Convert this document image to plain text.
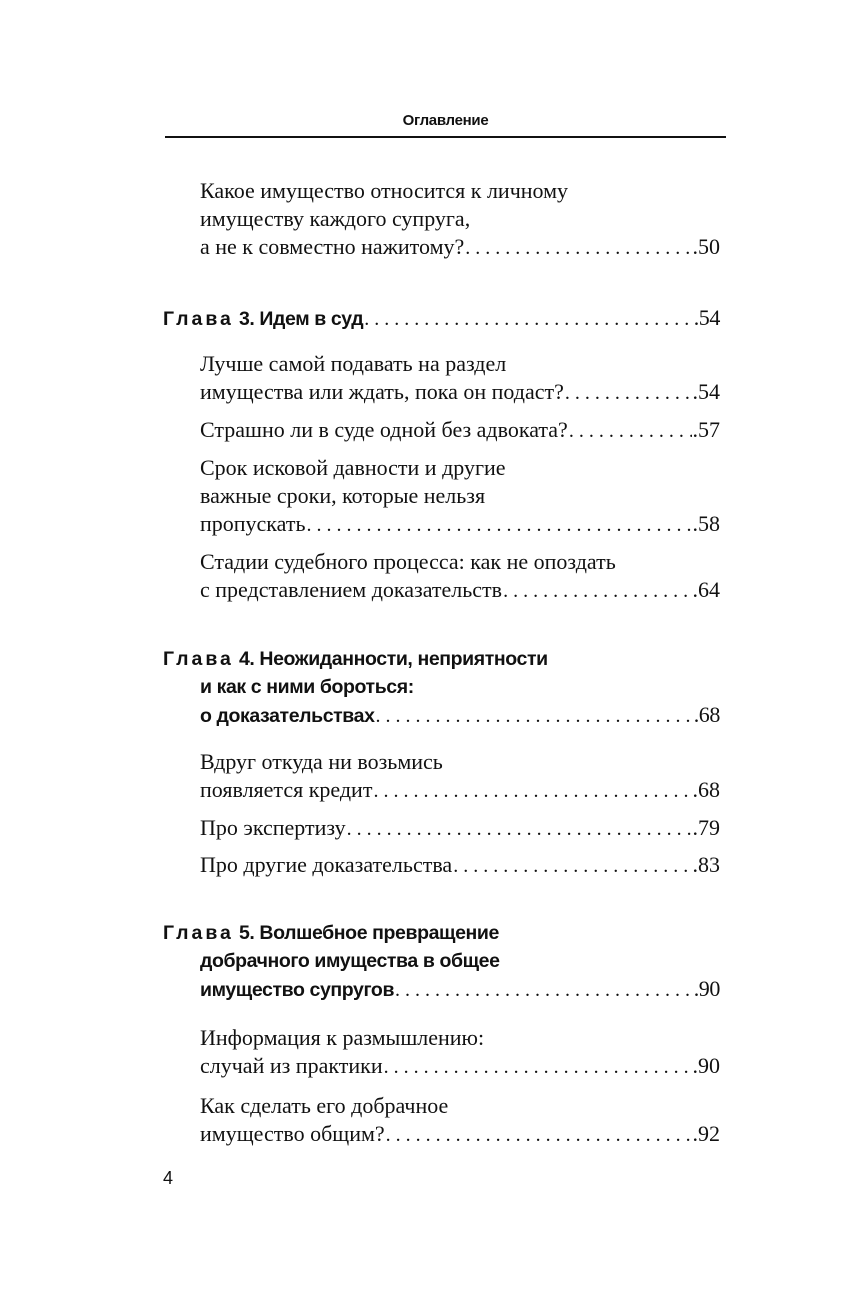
Оглавление
Какое имущество относится к личному
имуществу каждого супруга,
а не к совместно нажитому? . . .	.50
Глава 3. Идем в суд . . .	.54
Лучше самой подавать на раздел
имущества или ждать, пока он подаст? . . .	.54
Страшно ли в суде одной без адвоката? . . .	.57
Срок исковой давности и другие
важные сроки, которые нельзя
пропускать . . .	.58
Стадии судебного процесса: как не опоздать
с представлением доказательств . . .	.64
Глава 4. Неожиданности, неприятности
и как с ними бороться:
о доказательствах . . .	.68
Вдруг откуда ни возьмись
появляется кредит . . .	.68
Про экспертизу . . .	.79
Про другие доказательства . . .	.83
Глава 5. Волшебное превращение
добрачного имущества в общее
имущество супругов . . .	.90
Информация к размышлению:
случай из практики . . .	.90
Как сделать его добрачное
имущество общим? . . .	.92
4
